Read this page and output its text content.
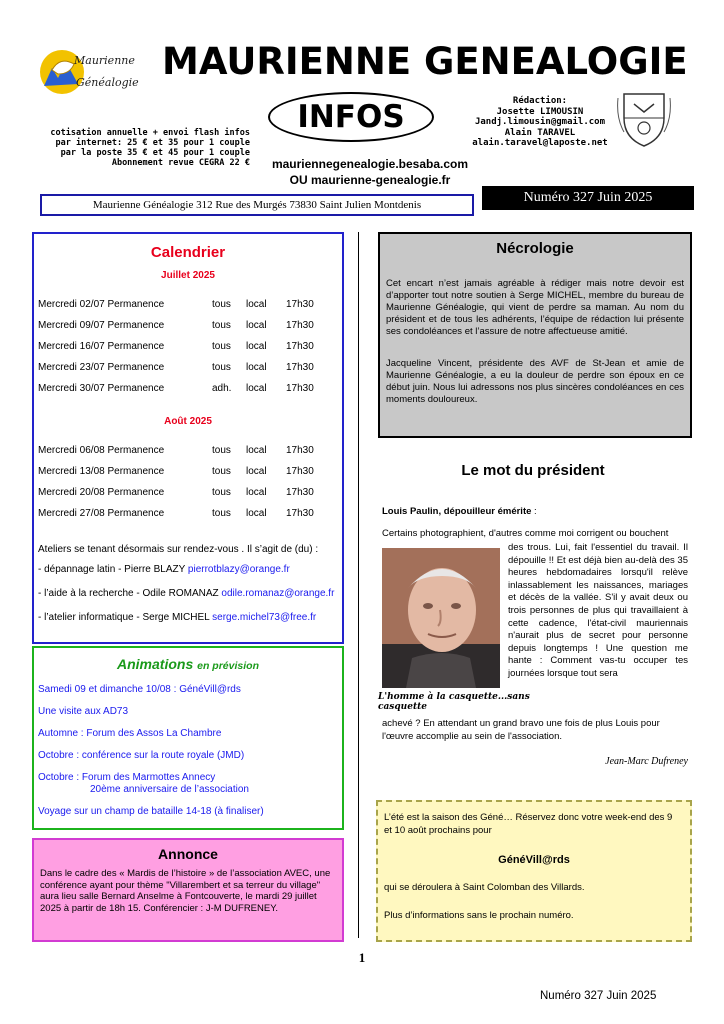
Maurienne
Généalogie MAURIENNE GENEALOGIE
INFOS
cotisation annuelle + envoi flash infos
par internet: 25 € et 35 pour 1 couple
par la poste 35 € et 45 pour 1 couple
Abonnement revue CEGRA 22 € mauriennegenealogie.besaba.com
OU maurienne-genealogie.fr
Rédaction:
Josette LIMOUSIN
Jandj.limousin@gmail.com
Alain TARAVEL
alain.taravel@laposte.net
Maurienne Généalogie 312 Rue des Murgés 73830 Saint Julien Montdenis	Numéro 327 Juin 2025
Calendrier
Juillet 2025
Mercredi 02/07 Permanence	tous local 17h30
Mercredi 09/07 Permanence	tous local 17h30
Mercredi 16/07 Permanence	tous local 17h30
Mercredi 23/07 Permanence	tous local 17h30
Mercredi 30/07 Permanence	adh. local 17h30
Août 2025
Mercredi 06/08 Permanence	tous local 17h30
Mercredi 13/08 Permanence	tous local 17h30
Mercredi 20/08 Permanence	tous local 17h30
Mercredi 27/08 Permanence	tous local 17h30
Ateliers se tenant désormais sur rendez-vous . Il s’agit de (du) :
- dépannage latin - Pierre BLAZY pierrotblazy@orange.fr
- l’aide à la recherche - Odile ROMANAZ odile.romanaz@orange.fr
- l’atelier informatique - Serge MICHEL serge.michel73@free.fr
Animations en prévision
Samedi 09 et dimanche 10/08 : GénéVill@rds
Une visite aux AD73
Automne : Forum des Assos La Chambre
Octobre : conférence sur la route royale (JMD)
Octobre : Forum des Marmottes Annecy
20ème anniversaire de l’association
Voyage sur un champ de bataille 14-18 (à finaliser)
Annonce
Dans le cadre des « Mardis de l’histoire » de l’association AVEC, une conférence ayant pour thème "Villarembert et sa terreur du village" aura lieu salle Bernard Anselme à Fontcouverte, le mardi 29 juillet 2025 à partir de 18h 15. Conférencier : J-M DUFRENEY.
Nécrologie
Cet encart n’est jamais agréable à rédiger mais notre devoir est d’apporter tout notre soutien à Serge MICHEL, membre du bureau de Maurienne Généalogie, qui vient de perdre sa maman. Au nom du président et de tous les adhérents, l’équipe de rédaction lui présente ses condoléances et l’assure de notre affectueuse amitié.
Jacqueline Vincent, présidente des AVF de St-Jean et amie de Maurienne Généalogie, a eu la douleur de perdre son époux en ce début juin. Nous lui adressons nos plus sincères condoléances en ces moments douloureux.
Le mot du président
Louis Paulin, dépouilleur émérite :
Certains photographient, d'autres comme moi corrigent ou bouchent
des trous. Lui, fait l'essentiel du travail. Il dépouille !! Et est déjà bien au-delà des 35 heures hebdomadaires lorsqu'il relève inlassablement les naissances, mariages et décès de la vallée. S'il y avait deux ou trois personnes de plus qui travaillaient à cette cadence, l'état-civil mauriennais n'aurait plus de secret pour personne depuis longtemps ! Une question me hante : Comment vas-tu occuper tes journées lorsque tout sera
L'homme à la casquette...sans casquette
achevé ? En attendant un grand bravo une fois de plus Louis pour l'œuvre accomplie au sein de l'association.
Jean-Marc Dufreney
L’été est la saison des Géné… Réservez donc votre week-end des 9 et 10 août prochains pour
GénéVill@rds
qui se déroulera à Saint Colomban des Villards.
Plus d’informations sans le prochain numéro.
1
Numéro 327 Juin 2025
